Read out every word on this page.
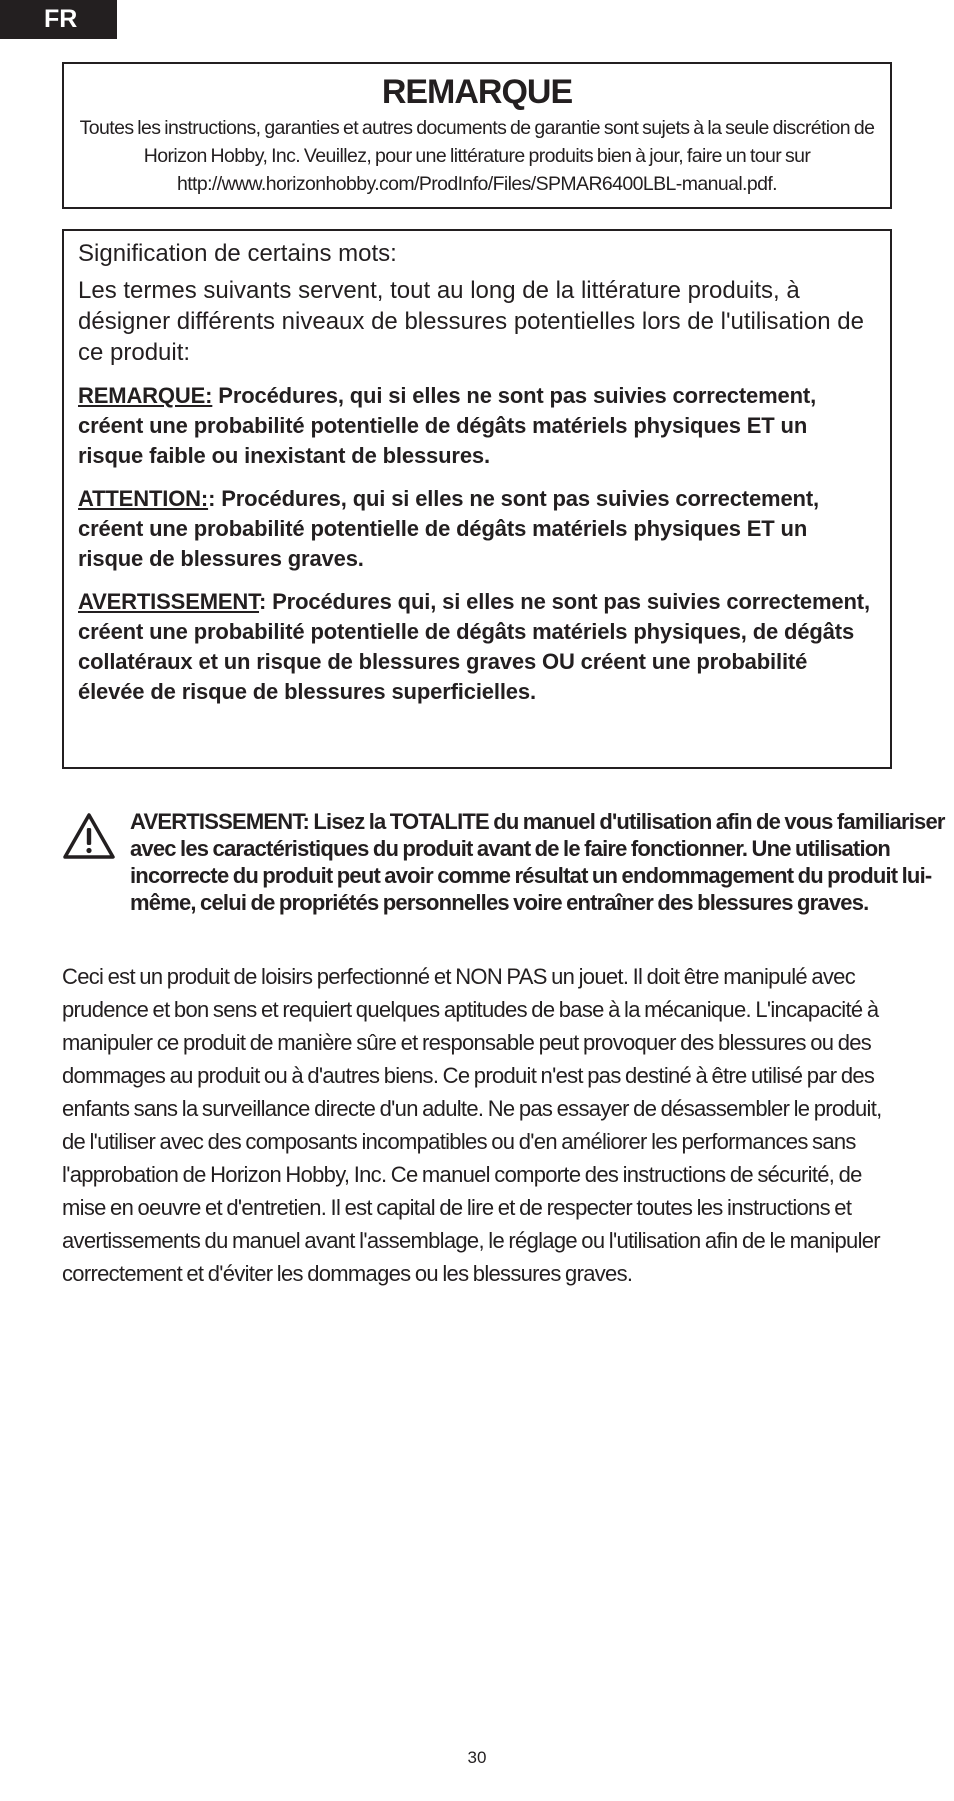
FR
REMARQUE
Toutes les instructions, garanties et autres documents de garantie sont sujets à la seule discrétion de Horizon Hobby, Inc. Veuillez, pour une littérature produits bien à jour, faire un tour sur http://www.horizonhobby.com/ProdInfo/Files/SPMAR6400LBL-manual.pdf.

Signification de certains mots:

Les termes suivants servent, tout au long de la littérature produits, à désigner différents niveaux de blessures potentielles lors de l'utilisation de ce produit:

REMARQUE: Procédures, qui si elles ne sont pas suivies correctement, créent une probabilité potentielle de dégâts matériels physiques ET un risque faible ou inexistant de blessures.

ATTENTION:: Procédures, qui si elles ne sont pas suivies correctement, créent une probabilité potentielle de dégâts matériels physiques ET un risque de blessures graves.

AVERTISSEMENT: Procédures qui, si elles ne sont pas suivies correctement, créent une probabilité potentielle de dégâts matériels physiques, de dégâts collatéraux et un risque de blessures graves OU créent une probabilité élevée de risque de blessures superficielles.

AVERTISSEMENT: Lisez la TOTALITE du manuel d'utilisation afin de vous familiariser avec les caractéristiques du produit avant de le faire fonctionner. Une utilisation incorrecte du produit peut avoir comme résultat un endommagement du produit lui-même, celui de propriétés personnelles voire entraîner des blessures graves.

Ceci est un produit de loisirs perfectionné et NON PAS un jouet. Il doit être manipulé avec prudence et bon sens et requiert quelques aptitudes de base à la mécanique. L'incapacité à manipuler ce produit de manière sûre et responsable peut provoquer des blessures ou des dommages au produit ou à d'autres biens. Ce produit n'est pas destiné à être utilisé par des enfants sans la surveillance directe d'un adulte. Ne pas essayer de désassembler le produit, de l'utiliser avec des composants incompatibles ou d'en améliorer les performances sans l'approbation de Horizon Hobby, Inc. Ce manuel comporte des instructions de sécurité, de mise en oeuvre et d'entretien. Il est capital de lire et de respecter toutes les instructions et avertissements du manuel avant l'assemblage, le réglage ou l'utilisation afin de le manipuler correctement et d'éviter les dommages ou les blessures graves.

30
